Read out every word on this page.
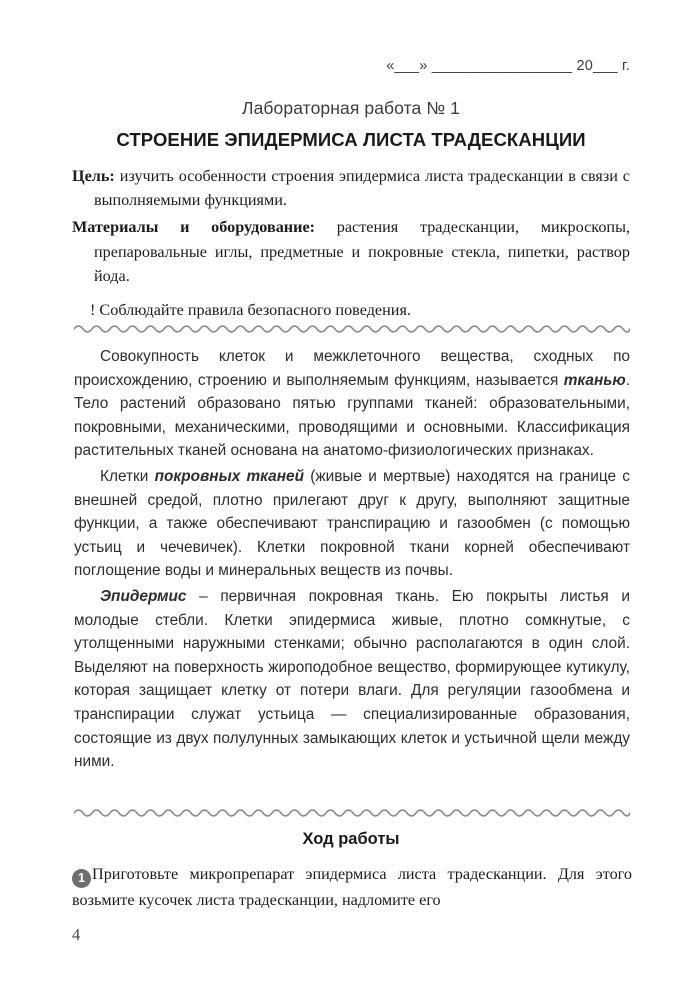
«___» _________________ 20___ г.
Лабораторная работа № 1
СТРОЕНИЕ ЭПИДЕРМИСА ЛИСТА ТРАДЕСКАНЦИИ

Цель: изучить особенности строения эпидермиса листа традесканции в связи с выполняемыми функциями.

Материалы и оборудование: растения традесканции, микроскопы, препаровальные иглы, предметные и покровные стекла, пипетки, раствор йода.

! Соблюдайте правила безопасного поведения.

Совокупность клеток и межклеточного вещества, сходных по происхождению, строению и выполняемым функциям, называется тканью. Тело растений образовано пятью группами тканей: образовательными, покровными, механическими, проводящими и основными. Классификация растительных тканей основана на анатомо-физиологических признаках.

Клетки покровных тканей (живые и мертвые) находятся на границе с внешней средой, плотно прилегают друг к другу, выполняют защитные функции, а также обеспечивают транспирацию и газообмен (с помощью устьиц и чечевичек). Клетки покровной ткани корней обеспечивают поглощение воды и минеральных веществ из почвы.

Эпидермис – первичная покровная ткань. Ею покрыты листья и молодые стебли. Клетки эпидермиса живые, плотно сомкнутые, с утолщенными наружными стенками; обычно располагаются в один слой. Выделяют на поверхность жироподобное вещество, формирующее кутикулу, которая защищает клетку от потери влаги. Для регуляции газообмена и транспирации служат устьица — специализированные образования, состоящие из двух полулунных замыкающих клеток и устьичной щели между ними.

Ход работы
1 Приготовьте микропрепарат эпидермиса листа традесканции. Для этого возьмите кусочек листа традесканции, надломите его
4
